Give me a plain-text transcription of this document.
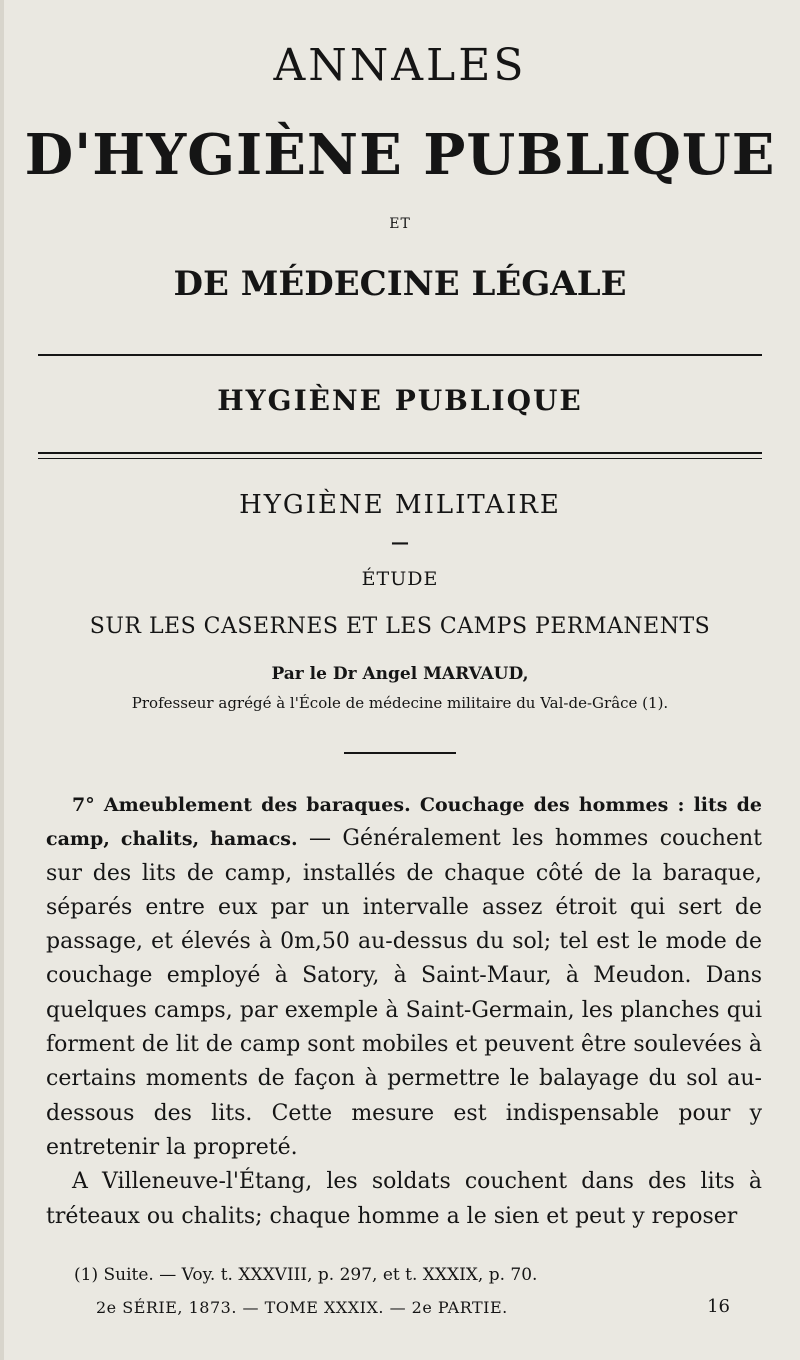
ANNALES
D'HYGIÈNE PUBLIQUE
ET
DE MÉDECINE LÉGALE
HYGIÈNE PUBLIQUE
HYGIÈNE MILITAIRE
—
ÉTUDE
SUR LES CASERNES ET LES CAMPS PERMANENTS
Par le Dr Angel MARVAUD,
Professeur agrégé à l'École de médecine militaire du Val-de-Grâce (1).

7° Ameublement des baraques. Couchage des hommes : lits de camp, chalits, hamacs. — Généralement les hommes couchent sur des lits de camp, installés de chaque côté de la baraque, séparés entre eux par un intervalle assez étroit qui sert de passage, et élevés à 0m,50 au-dessus du sol; tel est le mode de couchage employé à Satory, à Saint-Maur, à Meudon. Dans quelques camps, par exemple à Saint-Germain, les planches qui forment de lit de camp sont mobiles et peuvent être soulevées à certains moments de façon à permettre le balayage du sol au-dessous des lits. Cette mesure est indispensable pour y entretenir la propreté.

A Villeneuve-l'Étang, les soldats couchent dans des lits à tréteaux ou chalits; chaque homme a le sien et peut y reposer

(1) Suite. — Voy. t. XXXVIII, p. 297, et t. XXXIX, p. 70.
2e SÉRIE, 1873. — TOME XXXIX. — 2e PARTIE.	16
